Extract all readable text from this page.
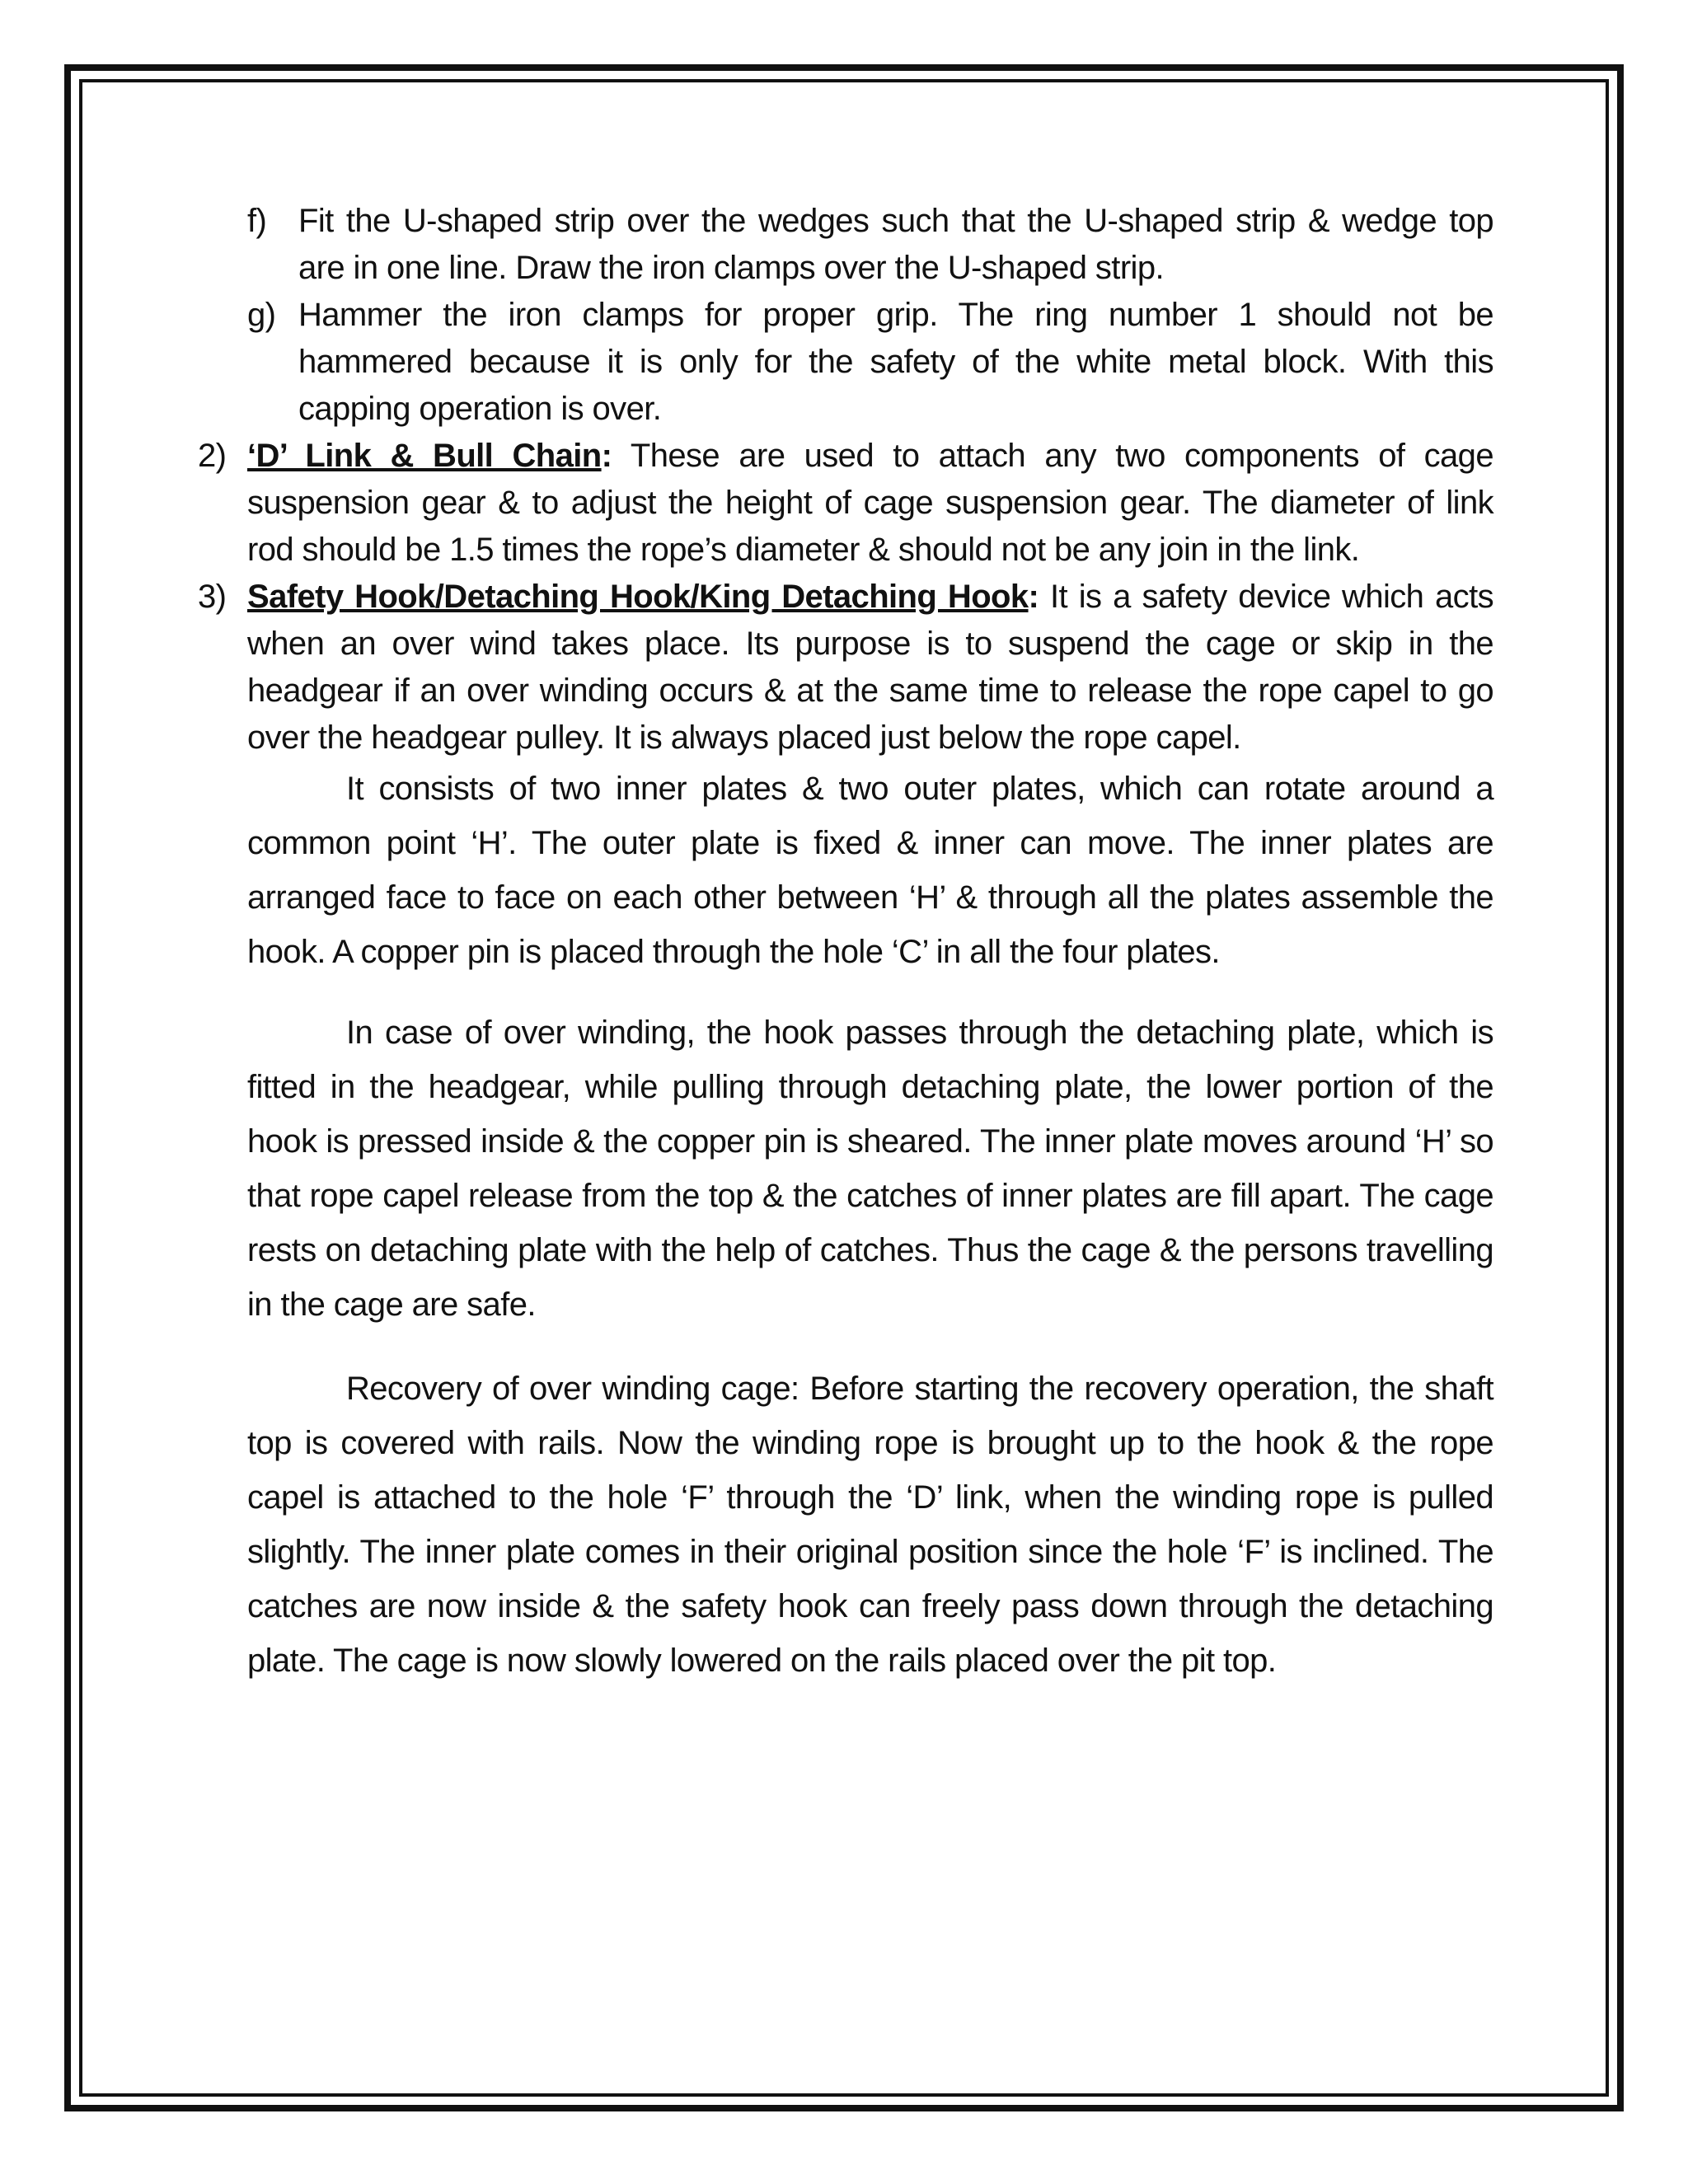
f) Fit the U-shaped strip over the wedges such that the U-shaped strip & wedge top are in one line. Draw the iron clamps over the U-shaped strip.
g) Hammer the iron clamps for proper grip. The ring number 1 should not be hammered because it is only for the safety of the white metal block. With this capping operation is over.
2) ‘D’ Link & Bull Chain: These are used to attach any two components of cage suspension gear & to adjust the height of cage suspension gear. The diameter of link rod should be 1.5 times the rope’s diameter & should not be any join in the link.
3) Safety Hook/Detaching Hook/King Detaching Hook: It is a safety device which acts when an over wind takes place. Its purpose is to suspend the cage or skip in the headgear if an over winding occurs & at the same time to release the rope capel to go over the headgear pulley. It is always placed just below the rope capel.

It consists of two inner plates & two outer plates, which can rotate around a common point ‘H’. The outer plate is fixed & inner can move. The inner plates are arranged face to face on each other between ‘H’ & through all the plates assemble the hook. A copper pin is placed through the hole ‘C’ in all the four plates.

In case of over winding, the hook passes through the detaching plate, which is fitted in the headgear, while pulling through detaching plate, the lower portion of the hook is pressed inside & the copper pin is sheared. The inner plate moves around ‘H’ so that rope capel release from the top & the catches of inner plates are fill apart. The cage rests on detaching plate with the help of catches. Thus the cage & the persons travelling in the cage are safe.

Recovery of over winding cage: Before starting the recovery operation, the shaft top is covered with rails. Now the winding rope is brought up to the hook & the rope capel is attached to the hole ‘F’ through the ‘D’ link, when the winding rope is pulled slightly. The inner plate comes in their original position since the hole ‘F’ is inclined. The catches are now inside & the safety hook can freely pass down through the detaching plate. The cage is now slowly lowered on the rails placed over the pit top.
